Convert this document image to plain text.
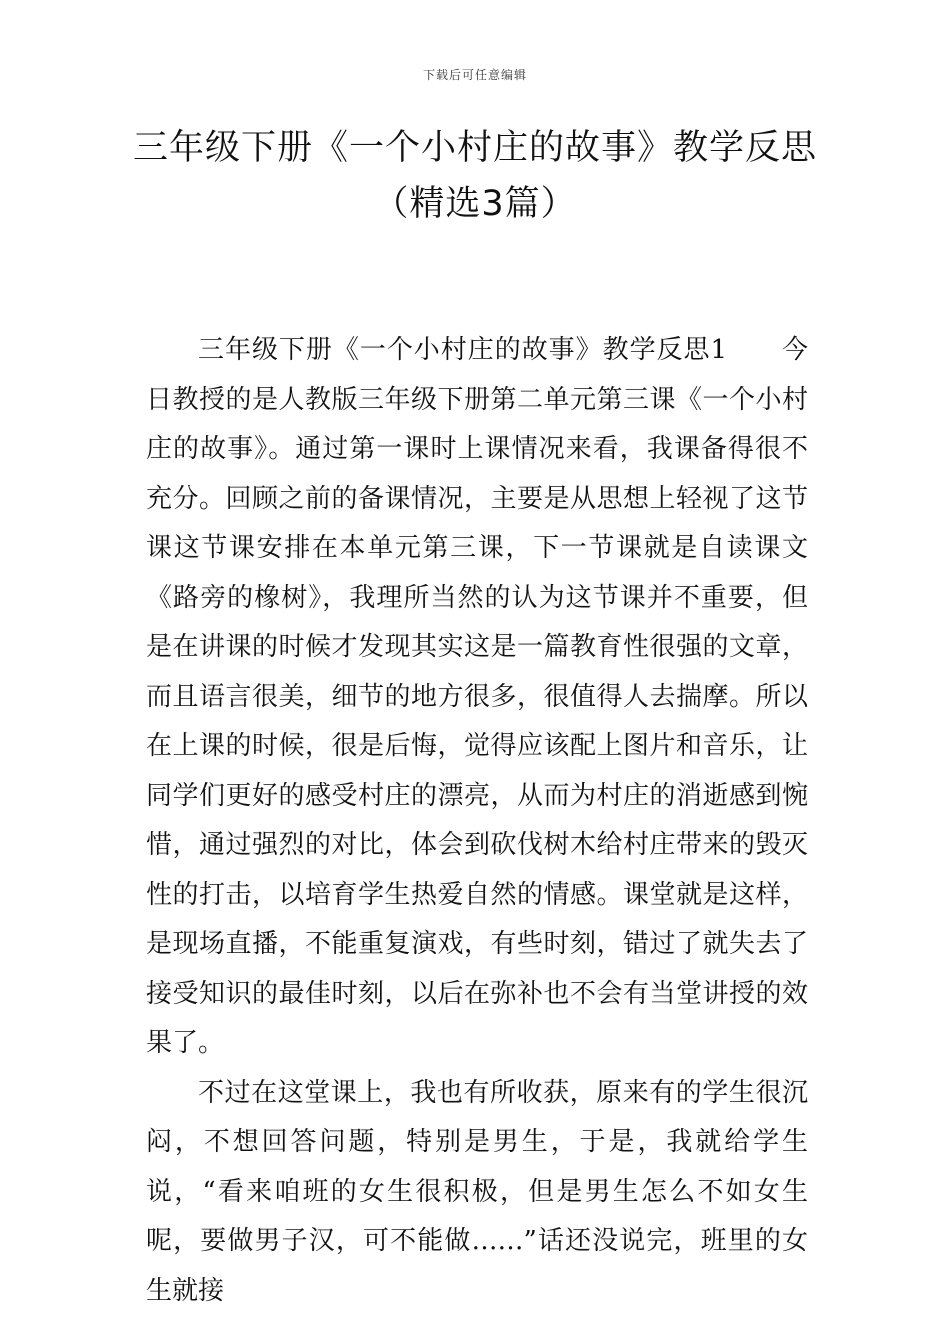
下载后可任意编辑
三年级下册《一个小村庄的故事》教学反思（精选3篇）

三年级下册《一个小村庄的故事》教学反思1　　今日教授的是人教版三年级下册第二单元第三课《一个小村庄的故事》。通过第一课时上课情况来看，我课备得很不充分。回顾之前的备课情况，主要是从思想上轻视了这节课这节课安排在本单元第三课，下一节课就是自读课文《路旁的橡树》，我理所当然的认为这节课并不重要，但是在讲课的时候才发现其实这是一篇教育性很强的文章，而且语言很美，细节的地方很多，很值得人去揣摩。所以在上课的时候，很是后悔，觉得应该配上图片和音乐，让同学们更好的感受村庄的漂亮，从而为村庄的消逝感到惋惜，通过强烈的对比，体会到砍伐树木给村庄带来的毁灭性的打击，以培育学生热爱自然的情感。课堂就是这样，是现场直播，不能重复演戏，有些时刻，错过了就失去了接受知识的最佳时刻，以后在弥补也不会有当堂讲授的效果了。

不过在这堂课上，我也有所收获，原来有的学生很沉闷，不想回答问题，特别是男生，于是，我就给学生说，“看来咱班的女生很积极，但是男生怎么不如女生呢，要做男子汉，可不能做……”话还没说完，班里的女生就接
